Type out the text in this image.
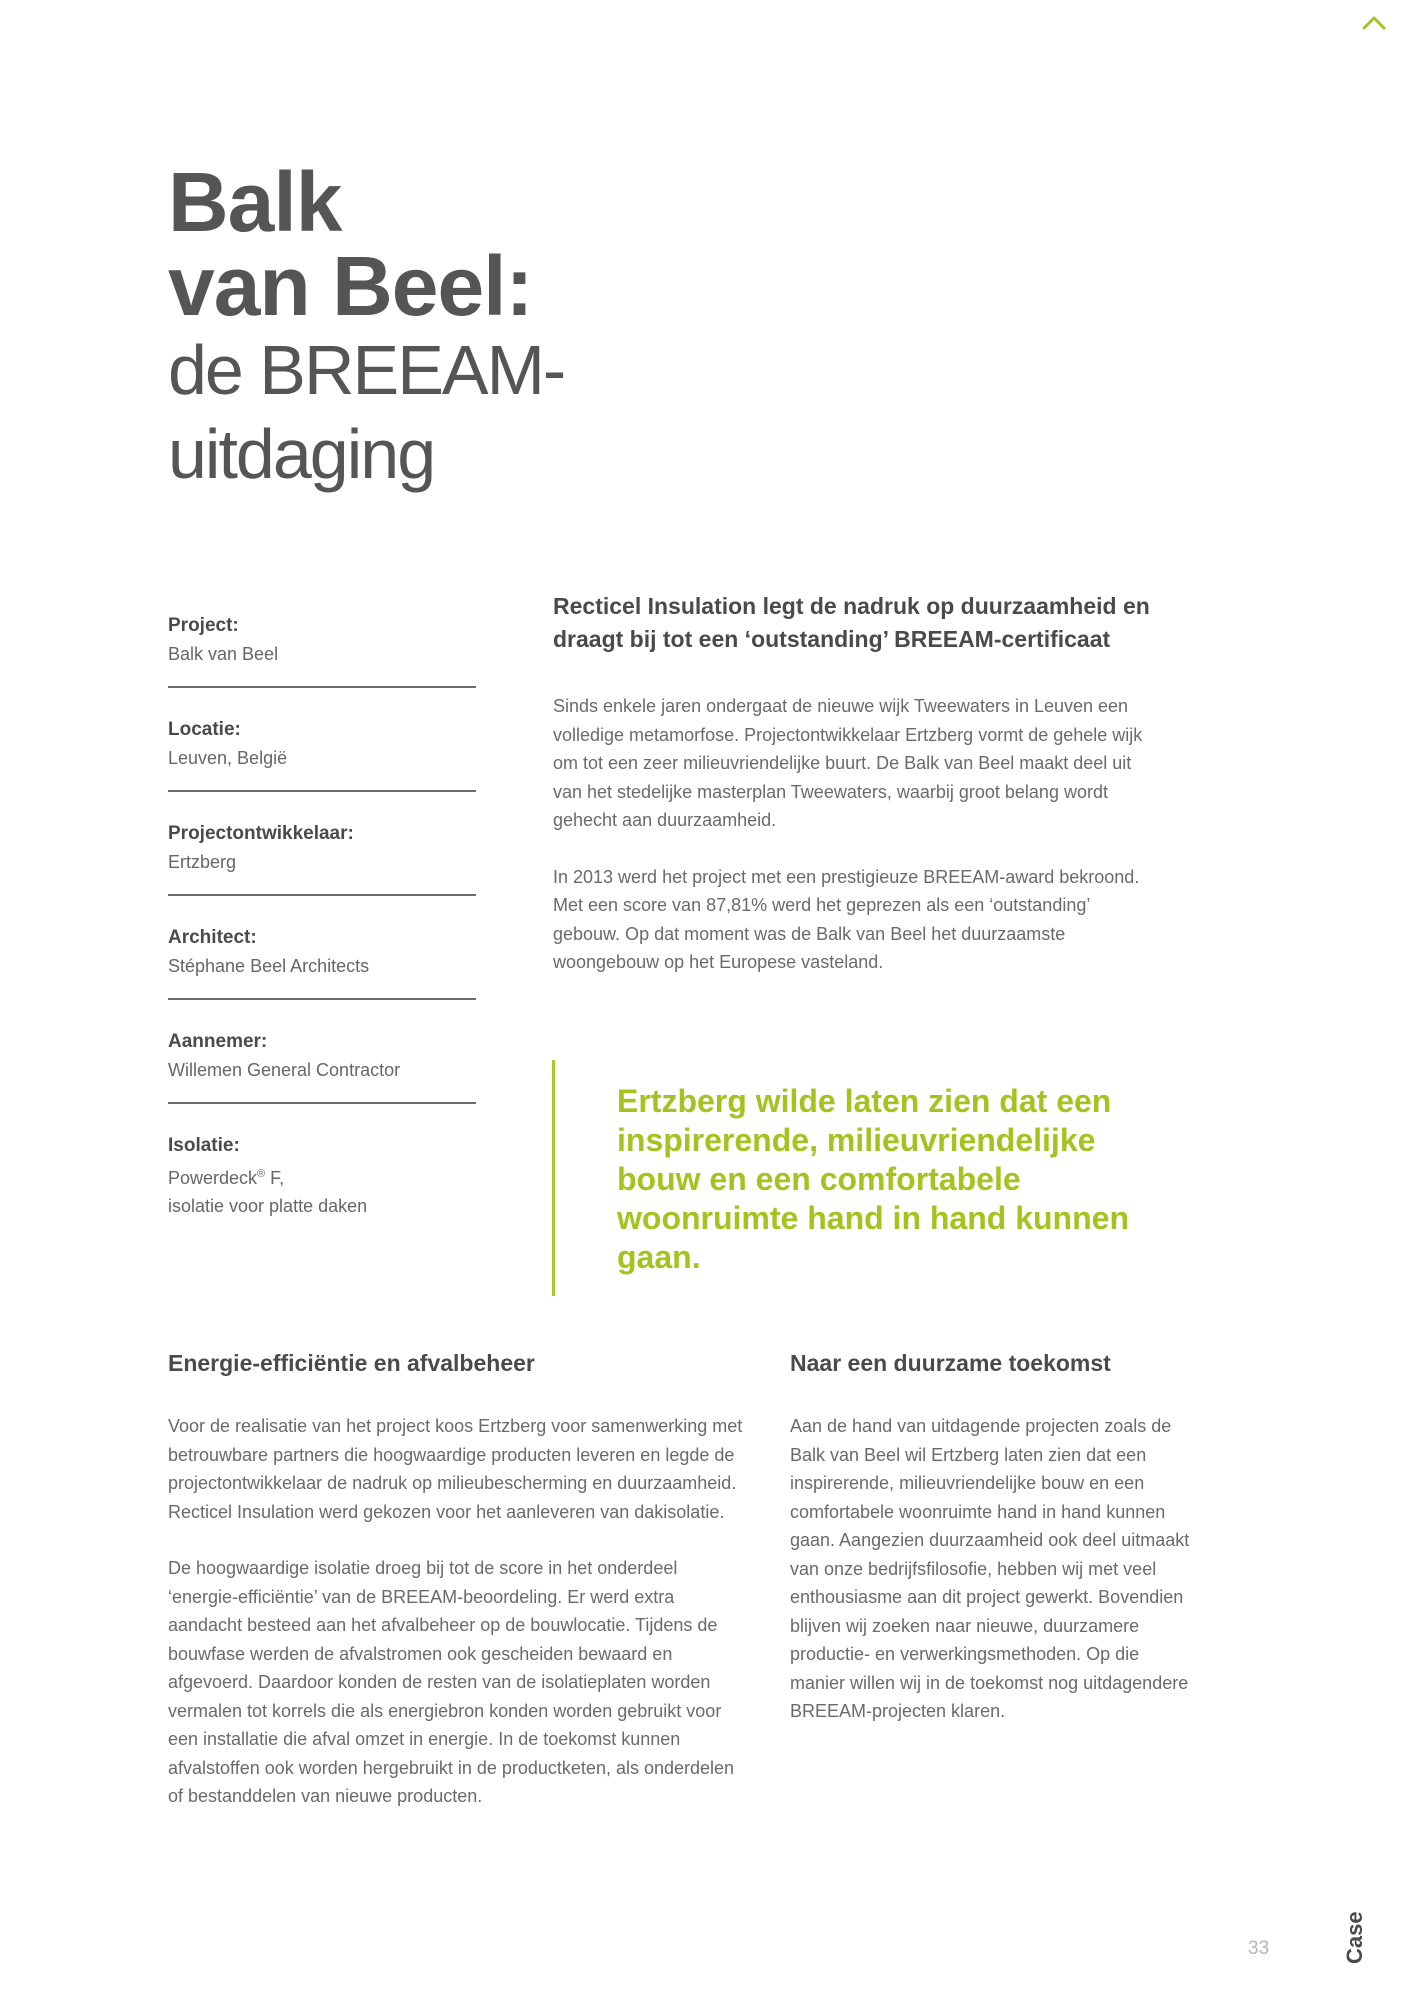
Balk

van Beel:

de BREEAM-

uitdaging

Project:
Balk van Beel
Locatie:
Leuven, België
Projectontwikkelaar:
Ertzberg
Architect:
Stéphane Beel Architects
Aannemer:
Willemen General Contractor
Isolatie:
Powerdeck® F,
isolatie voor platte daken
Recticel Insulation legt de nadruk op duurzaamheid en draagt bij tot een ‘outstanding’ BREEAM-certificaat

Sinds enkele jaren ondergaat de nieuwe wijk Tweewaters in Leuven een volledige metamorfose. Projectontwikkelaar Ertzberg vormt de gehele wijk om tot een zeer milieuvriendelijke buurt. De Balk van Beel maakt deel uit van het stedelijke masterplan Tweewaters, waarbij groot belang wordt gehecht aan duurzaamheid.

In 2013 werd het project met een prestigieuze BREEAM-award bekroond. Met een score van 87,81% werd het geprezen als een ‘outstanding’ gebouw. Op dat moment was de Balk van Beel het duurzaamste woongebouw op het Europese vasteland.

Ertzberg wilde laten zien dat een inspirerende, milieuvriendelijke bouw en een comfortabele woonruimte hand in hand kunnen gaan.

Energie-efficiëntie en afvalbeheer

Voor de realisatie van het project koos Ertzberg voor samenwerking met betrouwbare partners die hoogwaardige producten leveren en legde de projectontwikkelaar de nadruk op milieubescherming en duurzaamheid. Recticel Insulation werd gekozen voor het aanleveren van dakisolatie.

De hoogwaardige isolatie droeg bij tot de score in het onderdeel ‘energie-efficiëntie’ van de BREEAM-beoordeling. Er werd extra aandacht besteed aan het afvalbeheer op de bouwlocatie. Tijdens de bouwfase werden de afvalstromen ook gescheiden bewaard en afgevoerd. Daardoor konden de resten van de isolatieplaten worden vermalen tot korrels die als energiebron konden worden gebruikt voor een installatie die afval omzet in energie. In de toekomst kunnen afvalstoffen ook worden hergebruikt in de productketen, als onderdelen of bestanddelen van nieuwe producten.

Naar een duurzame toekomst

Aan de hand van uitdagende projecten zoals de Balk van Beel wil Ertzberg laten zien dat een inspirerende, milieuvriendelijke bouw en een comfortabele woonruimte hand in hand kunnen gaan. Aangezien duurzaamheid ook deel uitmaakt van onze bedrijfsfilosofie, hebben wij met veel enthousiasme aan dit project gewerkt. Bovendien blijven wij zoeken naar nieuwe, duurzamere productie- en verwerkingsmethoden. Op die manier willen wij in de toekomst nog uitdagendere BREEAM-projecten klaren.

33	Case
